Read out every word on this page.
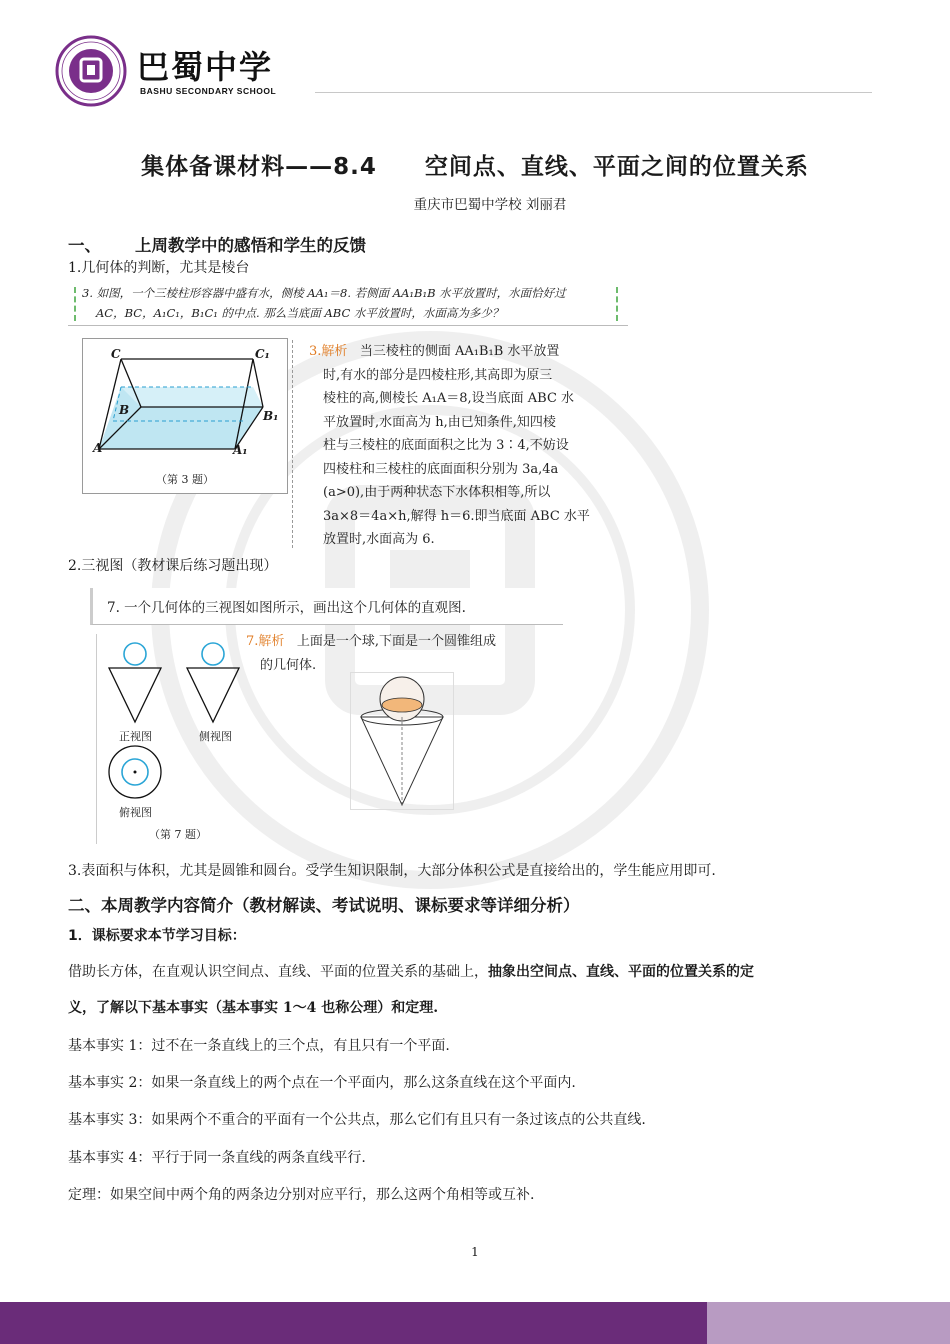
巴蜀中学
BASHU SECONDARY SCHOOL
集体备课材料——8.4　　空间点、直线、平面之间的位置关系
重庆市巴蜀中学校 刘丽君
一、 上周教学中的感悟和学生的反馈
1.几何体的判断，尤其是棱台
3. 如图，一个三棱柱形容器中盛有水，侧棱 AA₁＝8. 若侧面 AA₁B₁B 水平放置时，水面恰好过
AC，BC，A₁C₁，B₁C₁ 的中点. 那么当底面 ABC 水平放置时，水面高为多少？
C	C₁
B	B₁
A	A₁
（第 3 题）
3.解析 当三棱柱的侧面 AA₁B₁B 水平放置
时,有水的部分是四棱柱形,其高即为原三
棱柱的高,侧棱长 A₁A＝8,设当底面 ABC 水
平放置时,水面高为 h,由已知条件,知四棱
柱与三棱柱的底面面积之比为 3∶4,不妨设
四棱柱和三棱柱的底面面积分别为 3a,4a
(a>0),由于两种状态下水体积相等,所以
3a×8＝4a×h,解得 h＝6.即当底面 ABC 水平
放置时,水面高为 6.
2.三视图（教材课后练习题出现）
7. 一个几何体的三视图如图所示，画出这个几何体的直观图.
正视图	侧视图
俯视图
（第 7 题）
7.解析 上面是一个球,下面是一个圆锥组成
的几何体.
3.表面积与体积，尤其是圆锥和圆台。受学生知识限制，大部分体积公式是直接给出的，学生能应用即可.
二、本周教学内容简介（教材解读、考试说明、课标要求等详细分析）
1．课标要求本节学习目标：
借助长方体，在直观认识空间点、直线、平面的位置关系的基础上，抽象出空间点、直线、平面的位置关系的定
义，了解以下基本事实（基本事实 1～4 也称公理）和定理.
基本事实 1：过不在一条直线上的三个点，有且只有一个平面.
基本事实 2：如果一条直线上的两个点在一个平面内，那么这条直线在这个平面内.
基本事实 3：如果两个不重合的平面有一个公共点，那么它们有且只有一条过该点的公共直线.
基本事实 4：平行于同一条直线的两条直线平行.
定理：如果空间中两个角的两条边分别对应平行，那么这两个角相等或互补.
1
